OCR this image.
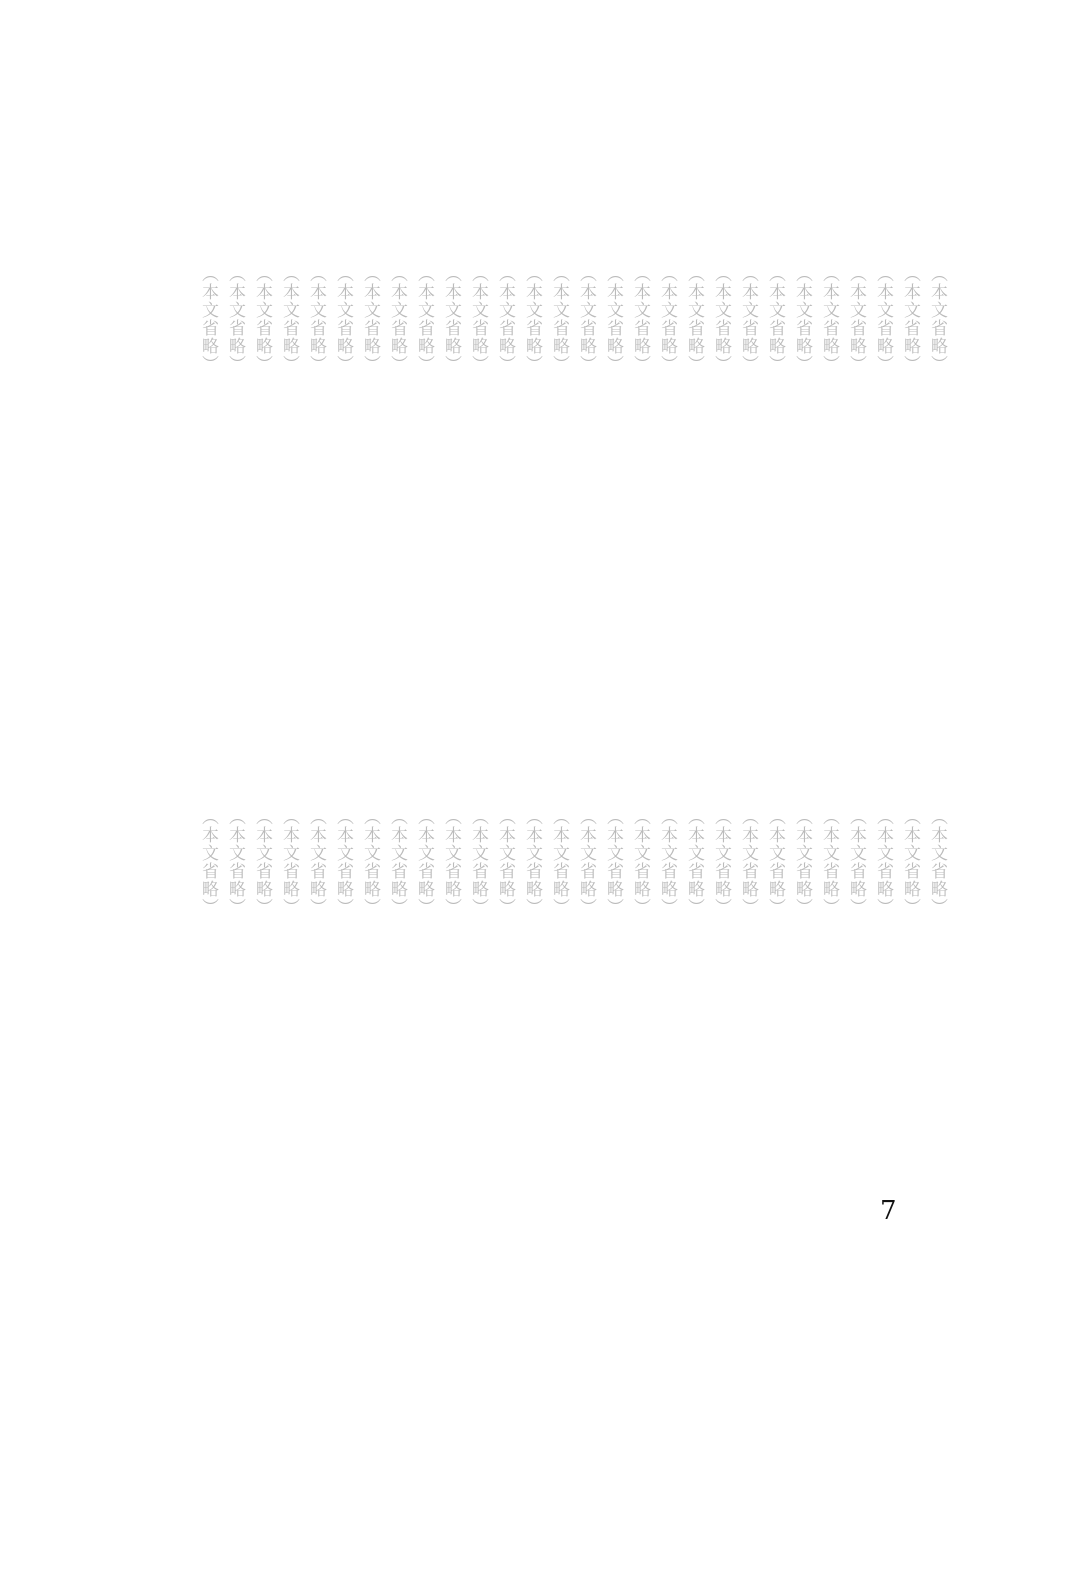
（本文省略）
（本文省略）
（本文省略）
（本文省略）
（本文省略）
（本文省略）
（本文省略）
（本文省略）
（本文省略）
（本文省略）
（本文省略）
（本文省略）
（本文省略）
（本文省略）
（本文省略）
（本文省略）
（本文省略）
（本文省略）
（本文省略）
（本文省略）
（本文省略）
（本文省略）
（本文省略）
（本文省略）
（本文省略）
（本文省略）
（本文省略）
（本文省略）
（本文省略）
（本文省略）
（本文省略）
（本文省略）
（本文省略）
（本文省略）
（本文省略）
（本文省略）
（本文省略）
（本文省略）
（本文省略）
（本文省略）
（本文省略）
（本文省略）
（本文省略）
（本文省略）
（本文省略）
（本文省略）
（本文省略）
（本文省略）
（本文省略）
（本文省略）
（本文省略）
（本文省略）
（本文省略）
（本文省略）
（本文省略）
（本文省略）
7
